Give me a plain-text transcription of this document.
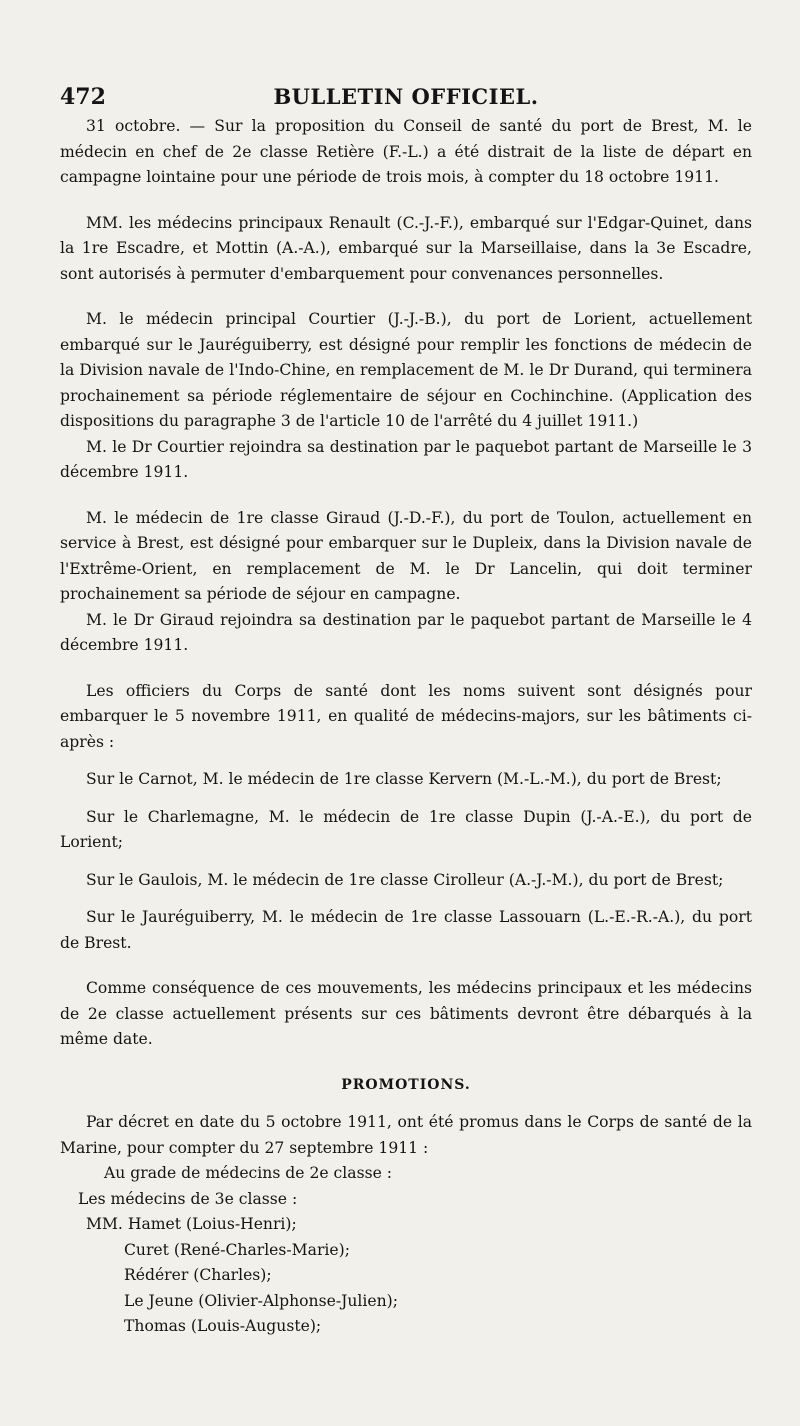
472	BULLETIN OFFICIEL.

31 octobre. — Sur la proposition du Conseil de santé du port de Brest, M. le médecin en chef de 2e classe Retière (F.-L.) a été distrait de la liste de départ en campagne lointaine pour une période de trois mois, à compter du 18 octobre 1911.

MM. les médecins principaux Renault (C.-J.-F.), embarqué sur l'Edgar-Quinet, dans la 1re Escadre, et Mottin (A.-A.), embarqué sur la Marseillaise, dans la 3e Escadre, sont autorisés à permuter d'embarquement pour convenances personnelles.

M. le médecin principal Courtier (J.-J.-B.), du port de Lorient, actuellement embarqué sur le Jauréguiberry, est désigné pour remplir les fonctions de médecin de la Division navale de l'Indo-Chine, en remplacement de M. le Dr Durand, qui terminera prochainement sa période réglementaire de séjour en Cochinchine. (Application des dispositions du paragraphe 3 de l'article 10 de l'arrêté du 4 juillet 1911.)

M. le Dr Courtier rejoindra sa destination par le paquebot partant de Marseille le 3 décembre 1911.

M. le médecin de 1re classe Giraud (J.-D.-F.), du port de Toulon, actuellement en service à Brest, est désigné pour embarquer sur le Dupleix, dans la Division navale de l'Extrême-Orient, en remplacement de M. le Dr Lancelin, qui doit terminer prochainement sa période de séjour en campagne.

M. le Dr Giraud rejoindra sa destination par le paquebot partant de Marseille le 4 décembre 1911.

Les officiers du Corps de santé dont les noms suivent sont désignés pour embarquer le 5 novembre 1911, en qualité de médecins-majors, sur les bâtiments ci-après :

Sur le Carnot, M. le médecin de 1re classe Kervern (M.-L.-M.), du port de Brest;

Sur le Charlemagne, M. le médecin de 1re classe Dupin (J.-A.-E.), du port de Lorient;

Sur le Gaulois, M. le médecin de 1re classe Cirolleur (A.-J.-M.), du port de Brest;

Sur le Jauréguiberry, M. le médecin de 1re classe Lassouarn (L.-E.-R.-A.), du port de Brest.

Comme conséquence de ces mouvements, les médecins principaux et les médecins de 2e classe actuellement présents sur ces bâtiments devront être débarqués à la même date.

PROMOTIONS.

Par décret en date du 5 octobre 1911, ont été promus dans le Corps de santé de la Marine, pour compter du 27 septembre 1911 :

Au grade de médecins de 2e classe :

Les médecins de 3e classe :

MM. Hamet (Loius-Henri);
Curet (René-Charles-Marie);
Rédérer (Charles);
Le Jeune (Olivier-Alphonse-Julien);
Thomas (Louis-Auguste);
